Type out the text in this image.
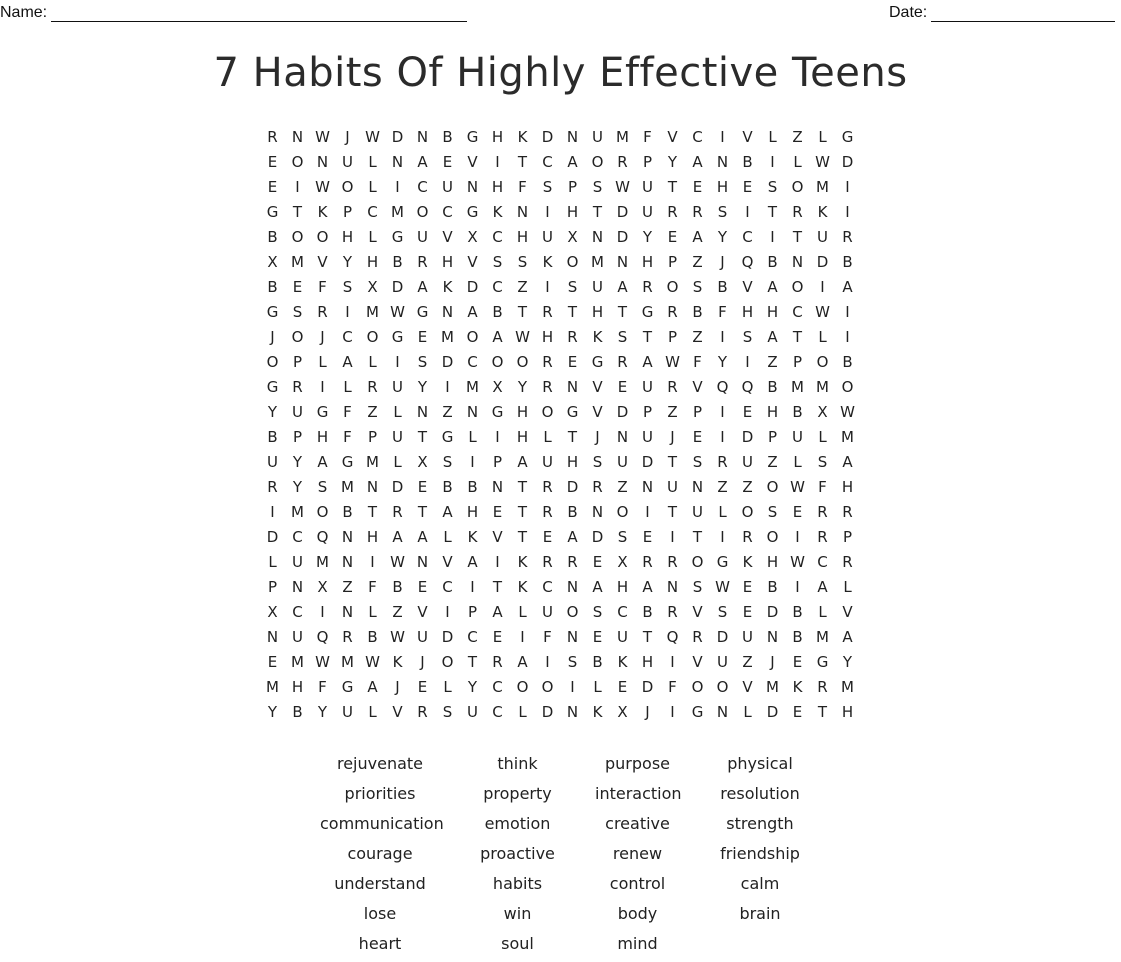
Name:	Date:
7 Habits Of Highly Effective Teens
R N W	J	W D N B G H K D N U M F	V C	I	V	L	Z	L	G
E O N U	L	N A	E	V	I	T	C A O R	P	Y	A N B	I	L W D
E	I	W O L	I	C U N H	F	S	P	S W U T	E H E	S O M	I
G T	K	P	C M O C G K N	I	H T D U R R	S	I	T	R K	I
B O O H	L	G U V X C H U X N D Y	E	A	Y	C	I	T U R
X M V	Y H B R H V	S	S	K O M N H P	Z	J	Q B N D B
B	E	F	S	X D A K D C Z	I	S U A R O S	B V A O	I	A
G S	R	I	M W G N A B	T	R	T H T G R B	F	H H C W	I
J	O	J	C O G E M O A W H R K	S	T	P	Z	I	S	A	T	L	I
O P	L	A	L	I	S D C O O R	E G R A W F	Y	I	Z	P O B
G R	I	L	R U Y	I	M X	Y	R N V	E U R V Q Q B M M O
Y U G F	Z	L	N Z N G H O G V D P	Z	P	I	E H B X W
B	P H	F	P U T G	L	I	H	L	T	J	N U	J	E	I	D P U	L M
U Y	A G M L	X	S	I	P	A U H S U D T	S	R U Z	L	S	A
R	Y	S M N D E	B B N T	R D R Z N U N Z Z O W F	H
I	M O B	T	R	T	A H E	T	R B N O	I	T U	L O S	E	R R
D C Q N H A A	L	K V	T	E	A D S	E	I	T	I	R O	I	R	P
L	U M N	I	W N V A	I	K R R	E	X R R O G K H W C R
P N X Z	F	B	E	C	I	T	K C N A H A N S W E	B	I	A	L
X C	I	N	L	Z V	I	P	A	L	U O S C B R V	S	E D B	L	V
N U Q R B W U D C	E	I	F	N E U T Q R D U N B M A
E M W M W K	J	O T	R A	I	S	B K H	I	V U Z	J	E G Y
M H	F G A	J	E	L	Y	C O O	I	L	E D F O O V M K R M
Y	B	Y U	L	V R	S U C	L	D N K X	J	I	G N	L	D E	T H
rejuvenate	think	purpose	physical
priorities	property	interaction	resolution
communication	emotion	creative	strength
courage	proactive	renew	friendship
understand	habits	control	calm
lose	win	body	brain
heart	soul	mind
